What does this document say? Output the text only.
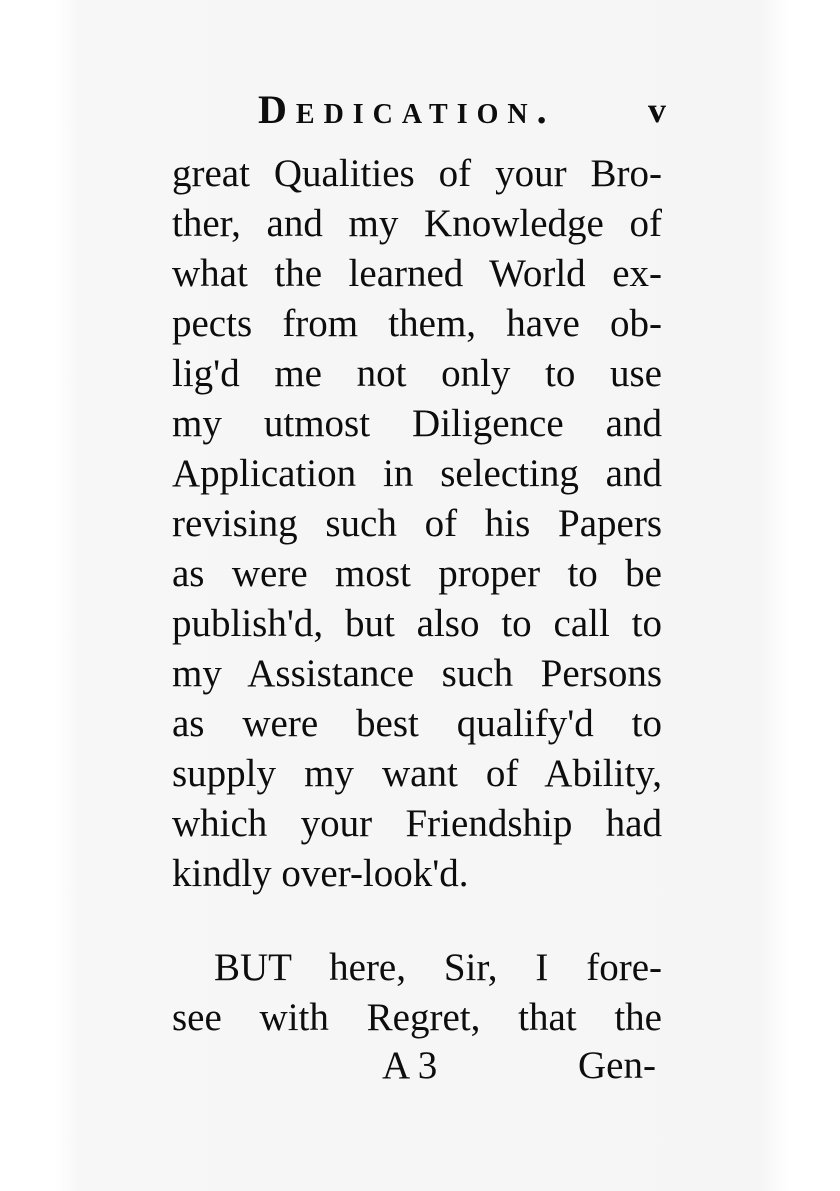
Dedication.	v
great Qualities of your Bro-
ther, and my Knowledge of
what the learned World ex-
pects from them, have ob-
lig'd me not only to use
my utmost Diligence and
Application in selecting and
revising such of his Papers
as were most proper to be
publish'd, but also to call to
my Assistance such Persons
as were best qualify'd to
supply my want of Ability,
which your Friendship had
kindly over-look'd.
BUT here, Sir, I fore-
see with Regret, that the
A 3	Gen-
